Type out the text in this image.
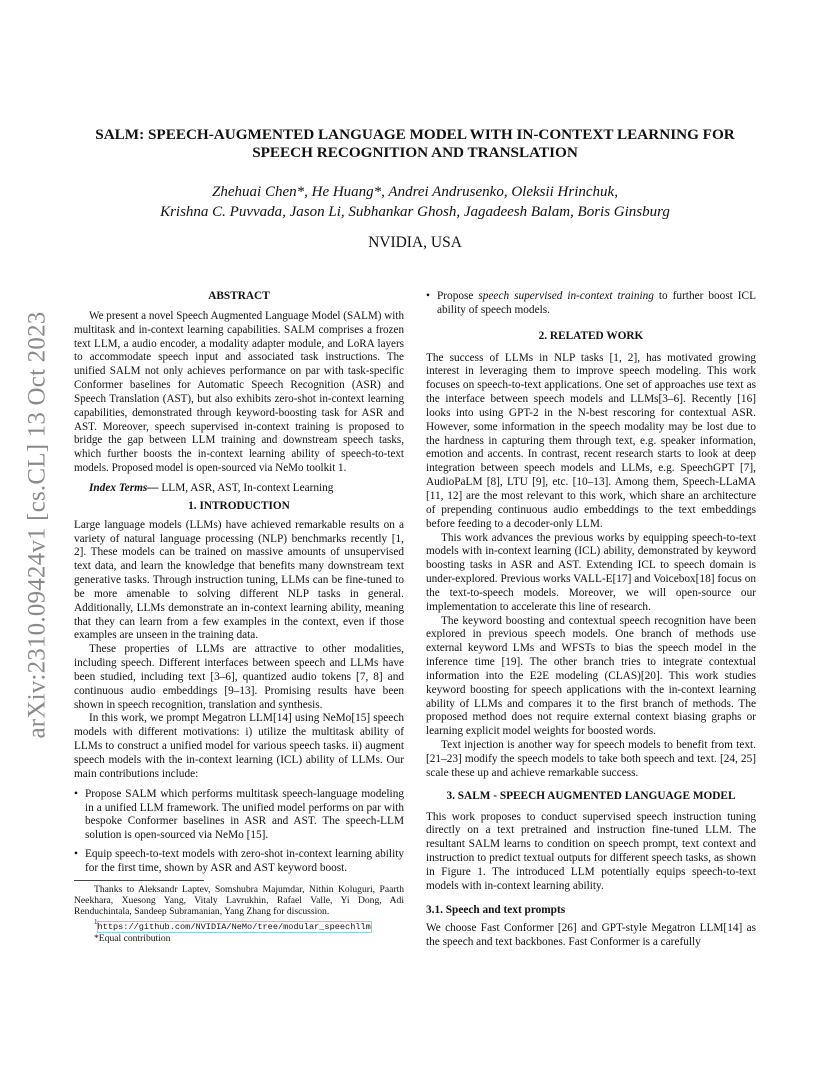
arXiv:2310.09424v1 [cs.CL] 13 Oct 2023
SALM: SPEECH-AUGMENTED LANGUAGE MODEL WITH IN-CONTEXT LEARNING FOR
SPEECH RECOGNITION AND TRANSLATION
Zhehuai Chen*, He Huang*, Andrei Andrusenko, Oleksii Hrinchuk,
Krishna C. Puvvada, Jason Li, Subhankar Ghosh, Jagadeesh Balam, Boris Ginsburg
NVIDIA, USA
ABSTRACT

We present a novel Speech Augmented Language Model (SALM) with multitask and in-context learning capabilities. SALM comprises a frozen text LLM, a audio encoder, a modality adapter module, and LoRA layers to accommodate speech input and associated task instructions. The unified SALM not only achieves performance on par with task-specific Conformer baselines for Automatic Speech Recognition (ASR) and Speech Translation (AST), but also exhibits zero-shot in-context learning capabilities, demonstrated through keyword-boosting task for ASR and AST. Moreover, speech supervised in-context training is proposed to bridge the gap between LLM training and downstream speech tasks, which further boosts the in-context learning ability of speech-to-text models. Proposed model is open-sourced via NeMo toolkit 1.

Index Terms— LLM, ASR, AST, In-context Learning

1. INTRODUCTION

Large language models (LLMs) have achieved remarkable results on a variety of natural language processing (NLP) benchmarks recently [1, 2]. These models can be trained on massive amounts of unsupervised text data, and learn the knowledge that benefits many downstream text generative tasks. Through instruction tuning, LLMs can be fine-tuned to be more amenable to solving different NLP tasks in general. Additionally, LLMs demonstrate an in-context learning ability, meaning that they can learn from a few examples in the context, even if those examples are unseen in the training data.

These properties of LLMs are attractive to other modalities, including speech. Different interfaces between speech and LLMs have been studied, including text [3–6], quantized audio tokens [7, 8] and continuous audio embeddings [9–13]. Promising results have been shown in speech recognition, translation and synthesis.

In this work, we prompt Megatron LLM[14] using NeMo[15] speech models with different motivations: i) utilize the multitask ability of LLMs to construct a unified model for various speech tasks. ii) augment speech models with the in-context learning (ICL) ability of LLMs. Our main contributions include:

• Propose SALM which performs multitask speech-language modeling in a unified LLM framework. The unified model performs on par with bespoke Conformer baselines in ASR and AST. The speech-LLM solution is open-sourced via NeMo [15].
• Equip speech-to-text models with zero-shot in-context learning ability for the first time, shown by ASR and AST keyword boost.

Thanks to Aleksandr Laptev, Somshubra Majumdar, Nithin Koluguri, Paarth Neekhara, Xuesong Yang, Vitaly Lavrukhin, Rafael Valle, Yi Dong, Adi Renduchintala, Sandeep Subramanian, Yang Zhang for discussion.

$^1$https://github.com/NVIDIA/NeMo/tree/modular_speechllm

*Equal contribution

• Propose speech supervised in-context training to further boost ICL ability of speech models.
2. RELATED WORK

The success of LLMs in NLP tasks [1, 2], has motivated growing interest in leveraging them to improve speech modeling. This work focuses on speech-to-text applications. One set of approaches use text as the interface between speech models and LLMs[3–6]. Recently [16] looks into using GPT-2 in the N-best rescoring for contextual ASR. However, some information in the speech modality may be lost due to the hardness in capturing them through text, e.g. speaker information, emotion and accents. In contrast, recent research starts to look at deep integration between speech models and LLMs, e.g. SpeechGPT [7], AudioPaLM [8], LTU [9], etc. [10–13]. Among them, Speech-LLaMA [11, 12] are the most relevant to this work, which share an architecture of prepending continuous audio embeddings to the text embeddings before feeding to a decoder-only LLM.

This work advances the previous works by equipping speech-to-text models with in-context learning (ICL) ability, demonstrated by keyword boosting tasks in ASR and AST. Extending ICL to speech domain is under-explored. Previous works VALL-E[17] and Voicebox[18] focus on the text-to-speech models. Moreover, we will open-source our implementation to accelerate this line of research.

The keyword boosting and contextual speech recognition have been explored in previous speech models. One branch of methods use external keyword LMs and WFSTs to bias the speech model in the inference time [19]. The other branch tries to integrate contextual information into the E2E modeling (CLAS)[20]. This work studies keyword boosting for speech applications with the in-context learning ability of LLMs and compares it to the first branch of methods. The proposed method does not require external context biasing graphs or learning explicit model weights for boosted words.

Text injection is another way for speech models to benefit from text. [21–23] modify the speech models to take both speech and text. [24, 25] scale these up and achieve remarkable success.

3. SALM - SPEECH AUGMENTED LANGUAGE MODEL

This work proposes to conduct supervised speech instruction tuning directly on a text pretrained and instruction fine-tuned LLM. The resultant SALM learns to condition on speech prompt, text context and instruction to predict textual outputs for different speech tasks, as shown in Figure 1. The introduced LLM potentially equips speech-to-text models with in-context learning ability.

3.1. Speech and text prompts

We choose Fast Conformer [26] and GPT-style Megatron LLM[14] as the speech and text backbones. Fast Conformer is a carefully
